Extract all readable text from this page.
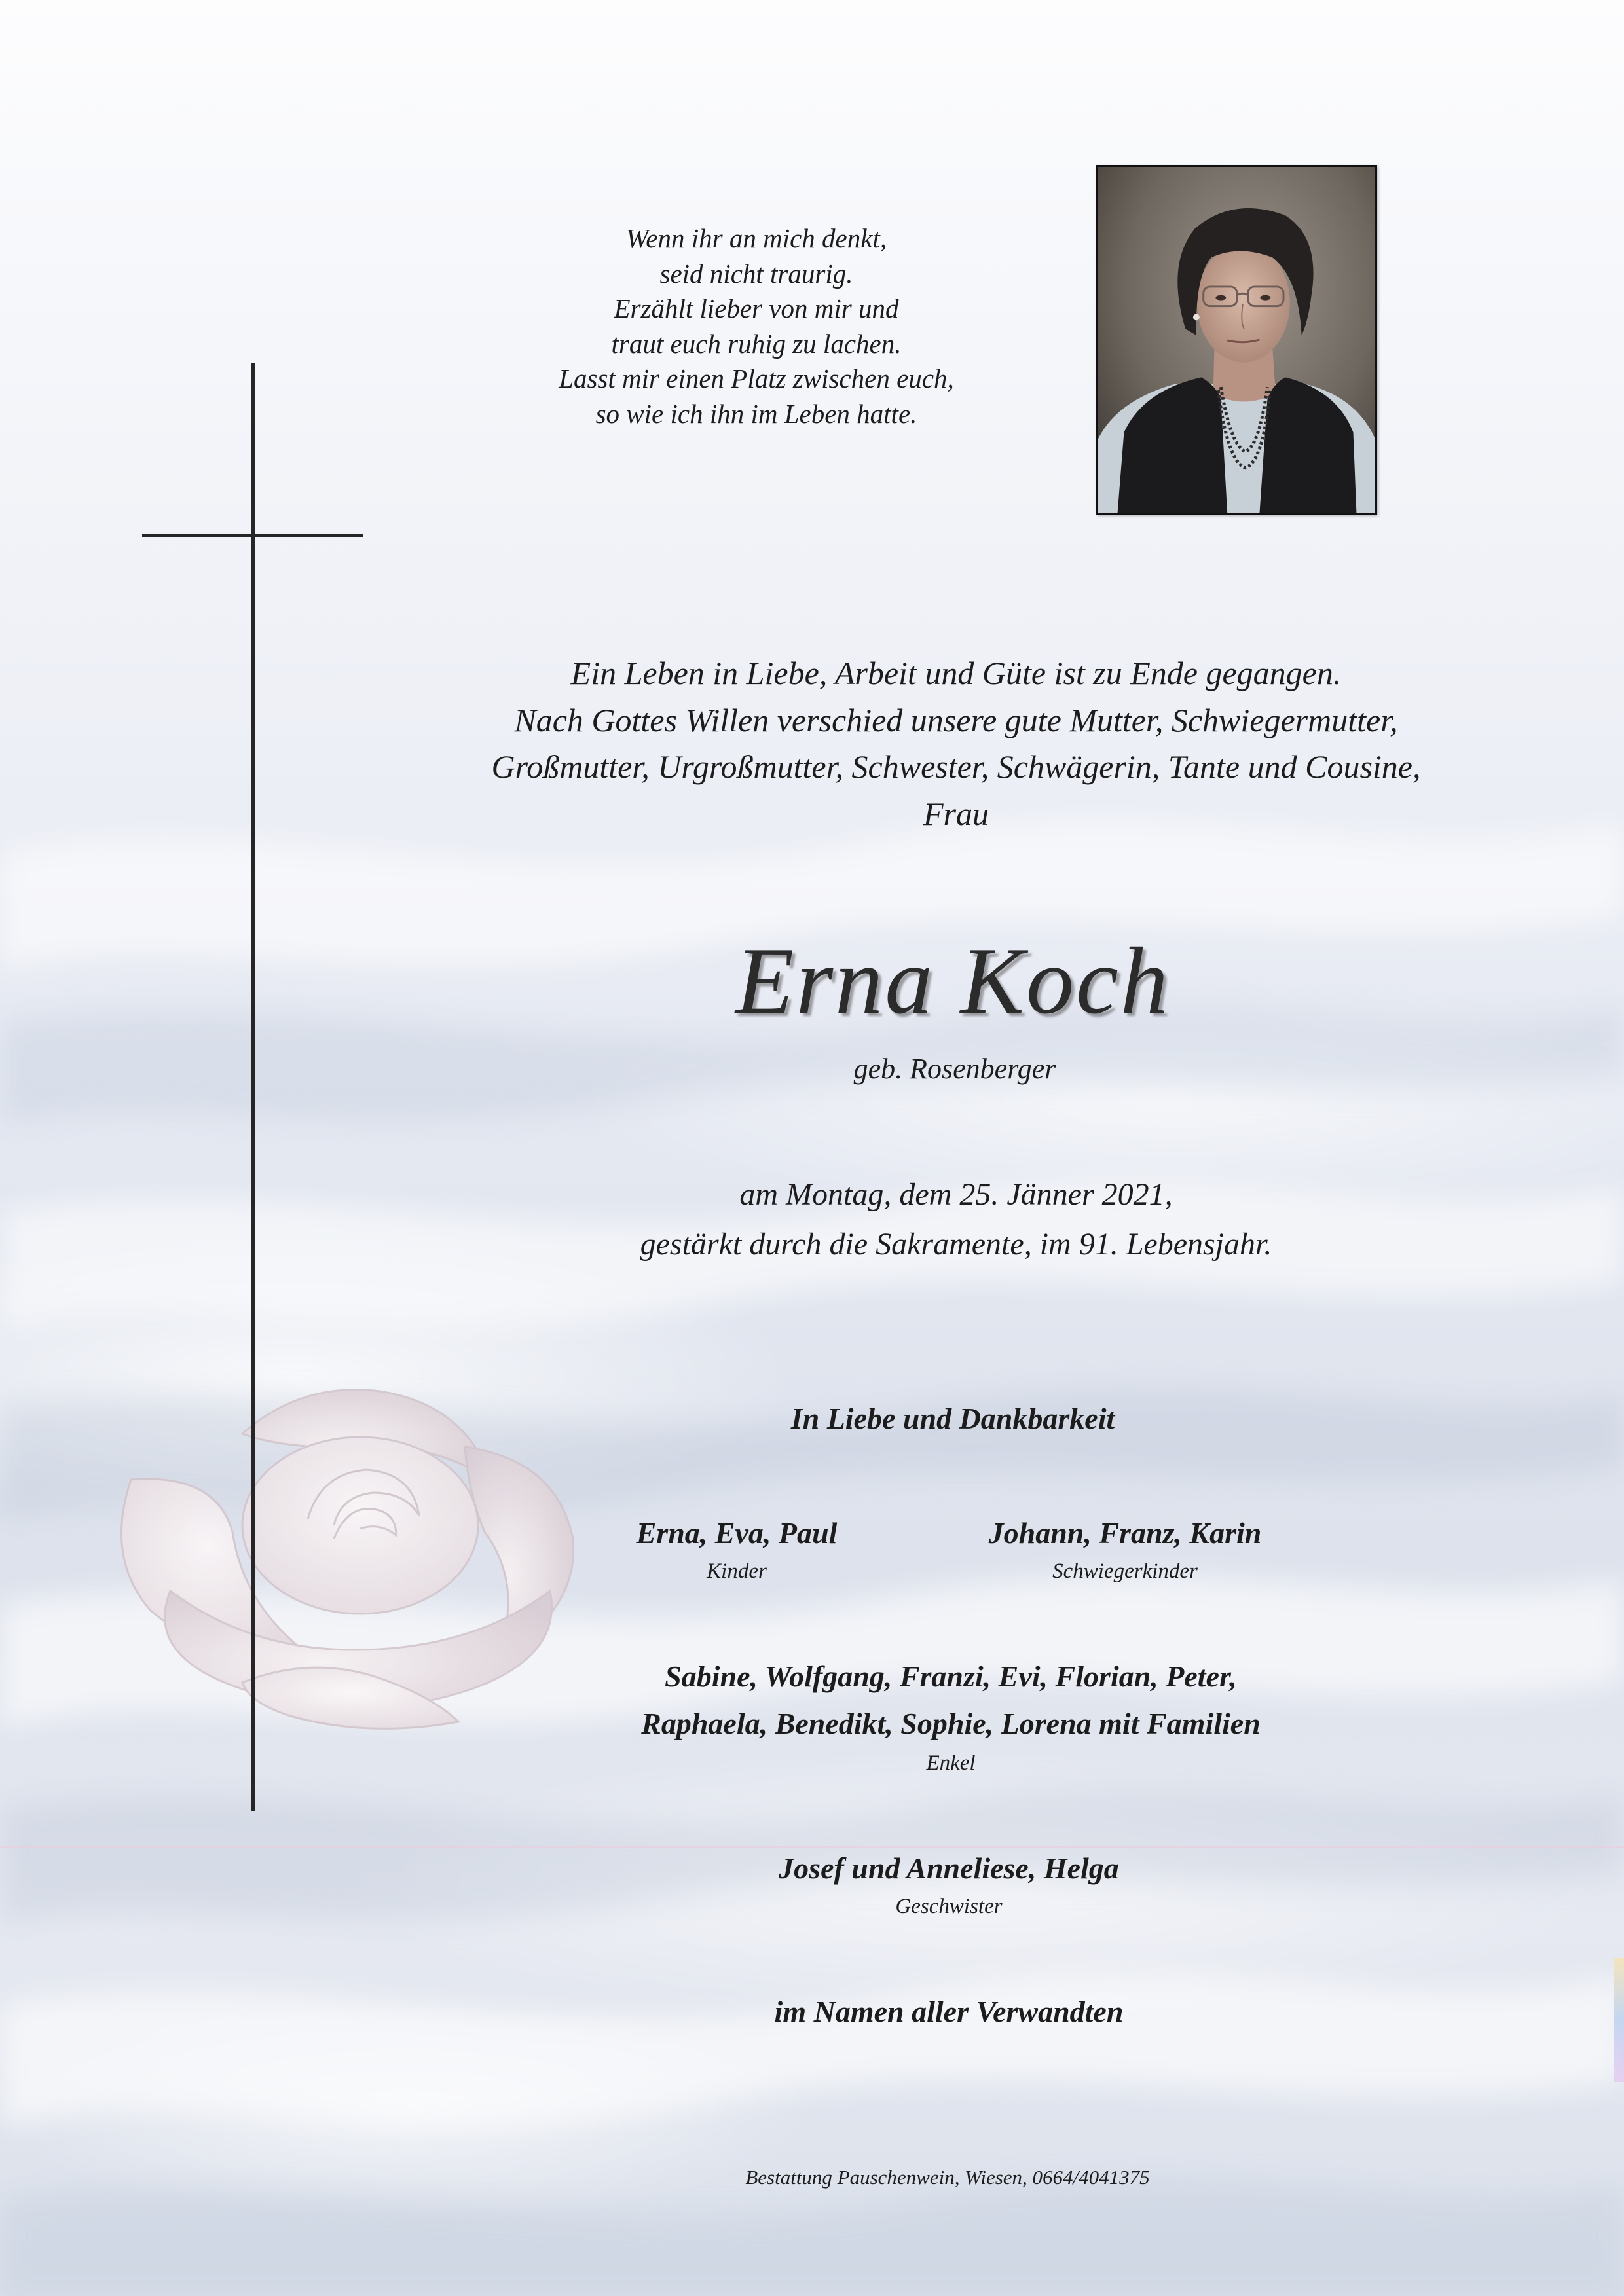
Wenn ihr an mich denkt,
seid nicht traurig.
Erzählt lieber von mir und
traut euch ruhig zu lachen.
Lasst mir einen Platz zwischen euch,
so wie ich ihn im Leben hatte.
Ein Leben in Liebe, Arbeit und Güte ist zu Ende gegangen.
Nach Gottes Willen verschied unsere gute Mutter, Schwiegermutter,
Großmutter, Urgroßmutter, Schwester, Schwägerin, Tante und Cousine,
Frau
Erna Koch
geb. Rosenberger
am Montag, dem 25. Jänner 2021,
gestärkt durch die Sakramente, im 91. Lebensjahr.
In Liebe und Dankbarkeit
Erna, Eva, Paul
Kinder
Johann, Franz, Karin
Schwiegerkinder
Sabine, Wolfgang, Franzi, Evi, Florian, Peter,
Raphaela, Benedikt, Sophie, Lorena mit Familien
Enkel
Josef und Anneliese, Helga
Geschwister
im Namen aller Verwandten
Bestattung Pauschenwein, Wiesen, 0664/4041375
